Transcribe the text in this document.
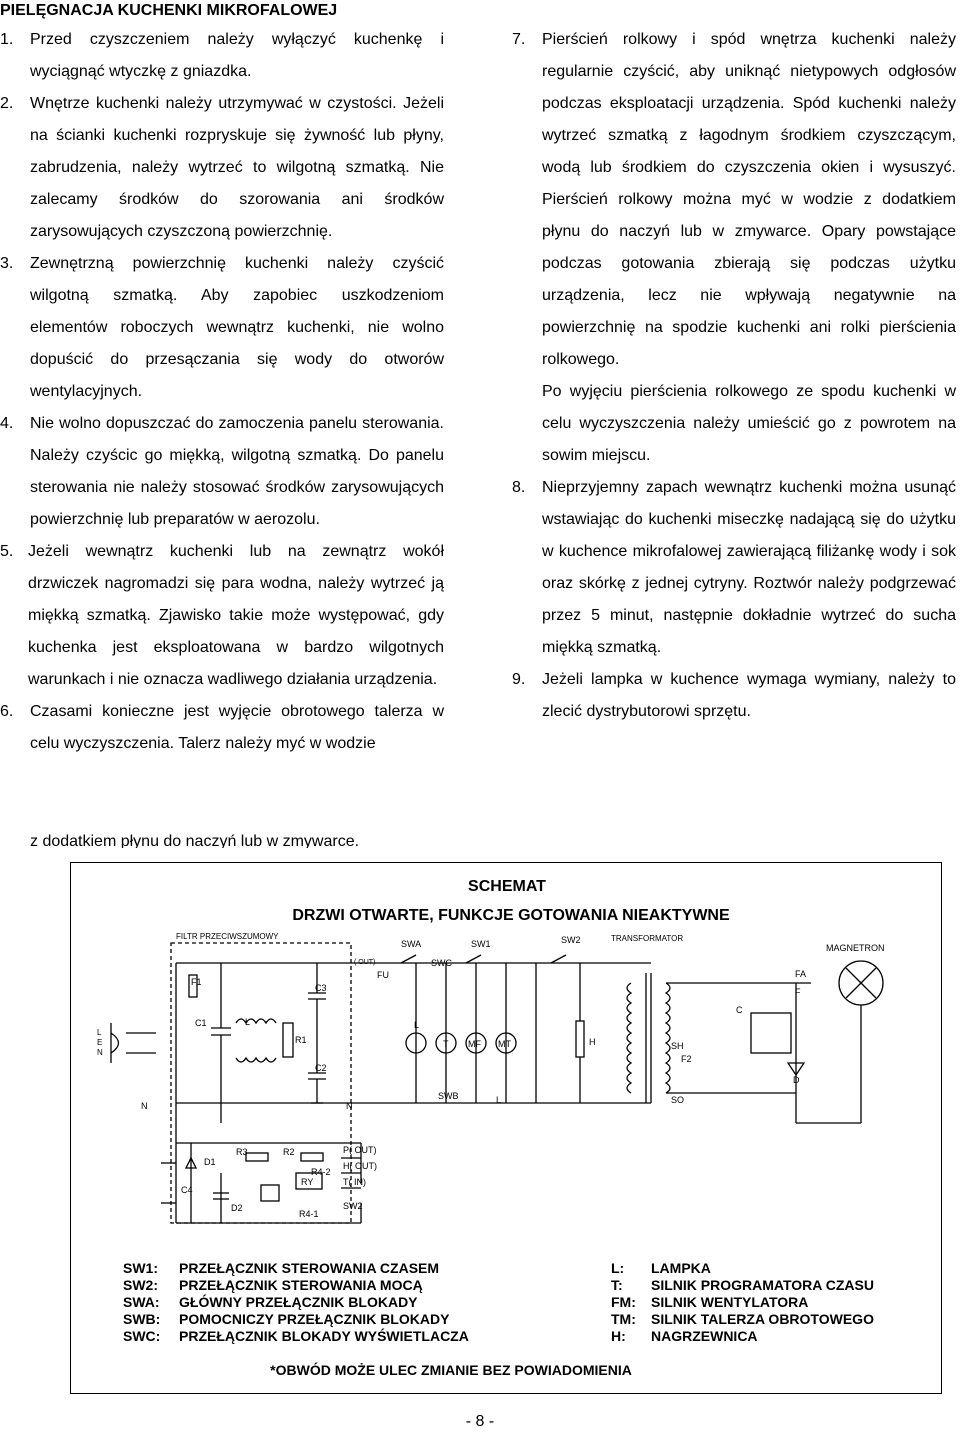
PIELĘGNACJA KUCHENKI MIKROFALOWEJ
1.	Przed czyszczeniem należy wyłączyć kuchenkę i wyciągnąć wtyczkę z gniazdka.
2.	Wnętrze kuchenki należy utrzymywać w czystości. Jeżeli na ścianki kuchenki rozpryskuje się żywność lub płyny, zabrudzenia, należy wytrzeć to wilgotną szmatką. Nie zalecamy środków do szorowania ani środków zarysowujących czyszczoną powierzchnię.
3.	Zewnętrzną powierzchnię kuchenki należy czyścić wilgotną szmatką. Aby zapobiec uszkodzeniom elementów roboczych wewnątrz kuchenki, nie wolno dopuścić do przesączania się wody do otworów wentylacyjnych.
4.	Nie wolno dopuszczać do zamoczenia panelu sterowania. Należy czyścic go miękką, wilgotną szmatką. Do panelu sterowania nie należy stosować środków zarysowujących powierzchnię lub preparatów w aerozolu.
5. Jeżeli wewnątrz kuchenki lub na zewnątrz wokół drzwiczek nagromadzi się para wodna, należy wytrzeć ją miękką szmatką. Zjawisko takie może występować, gdy kuchenka jest eksploatowana w bardzo wilgotnych warunkach i nie oznacza wadliwego działania urządzenia.
6.	Czasami konieczne jest wyjęcie obrotowego talerza w celu wyczyszczenia. Talerz należy myć w wodzie
z dodatkiem płynu do naczyń lub w zmywarce.
7.	Pierścień rolkowy i spód wnętrza kuchenki należy regularnie czyścić, aby uniknąć nietypowych odgłosów podczas eksploatacji urządzenia. Spód kuchenki należy wytrzeć szmatką z łagodnym środkiem czyszczącym, wodą lub środkiem do czyszczenia okien i wysuszyć. Pierścień rolkowy można myć w wodzie z dodatkiem płynu do naczyń lub w zmywarce. Opary powstające podczas gotowania zbierają się podczas użytku urządzenia, lecz nie wpływają negatywnie na powierzchnię na spodzie kuchenki ani rolki pierścienia rolkowego.
Po wyjęciu pierścienia rolkowego ze spodu kuchenki w celu wyczyszczenia należy umieścić go z powrotem na sowim miejscu.
8.	Nieprzyjemny zapach wewnątrz kuchenki można usunąć wstawiając do kuchenki miseczkę nadającą się do użytku w kuchence mikrofalowej zawierającą filiżankę wody i sok oraz skórkę z jednej cytryny. Roztwór należy podgrzewać przez 5 minut, następnie dokładnie wytrzeć do sucha miękką szmatką.
9.	Jeżeli lampka w kuchence wymaga wymiany, należy to zlecić dystrybutorowi sprzętu.
SCHEMAT
DRZWI OTWARTE, FUNKCJE GOTOWANIA NIEAKTYWNE
FILTR PRZECIWSZUMOWY
SWA	SW1	SW2
SWC
( OUT)
FU
SWB
TRANSFORMATOR
MAGNETRON
F1
C1
C3
C2
L
R1
N	N
L
T MF MT	H
L
FA
F
C
SH
F2
SO
D
L
E
N
D1
R3	R2
C4
D2
RY
R4-2
R4-1
P( OUT)
H( OUT)
T( IN)
SW2
SW1: PRZEŁĄCZNIK STEROWANIA CZASEM
SW2: PRZEŁĄCZNIK STEROWANIA MOCĄ
SWA: GŁÓWNY PRZEŁĄCZNIK BLOKADY
SWB: POMOCNICZY PRZEŁĄCZNIK BLOKADY
SWC: PRZEŁĄCZNIK BLOKADY WYŚWIETLACZA
L: LAMPKA
T: SILNIK PROGRAMATORA CZASU
FM: SILNIK WENTYLATORA
TM: SILNIK TALERZA OBROTOWEGO
H: NAGRZEWNICA
*OBWÓD MOŻE ULEC ZMIANIE BEZ POWIADOMIENIA
- 8 -
